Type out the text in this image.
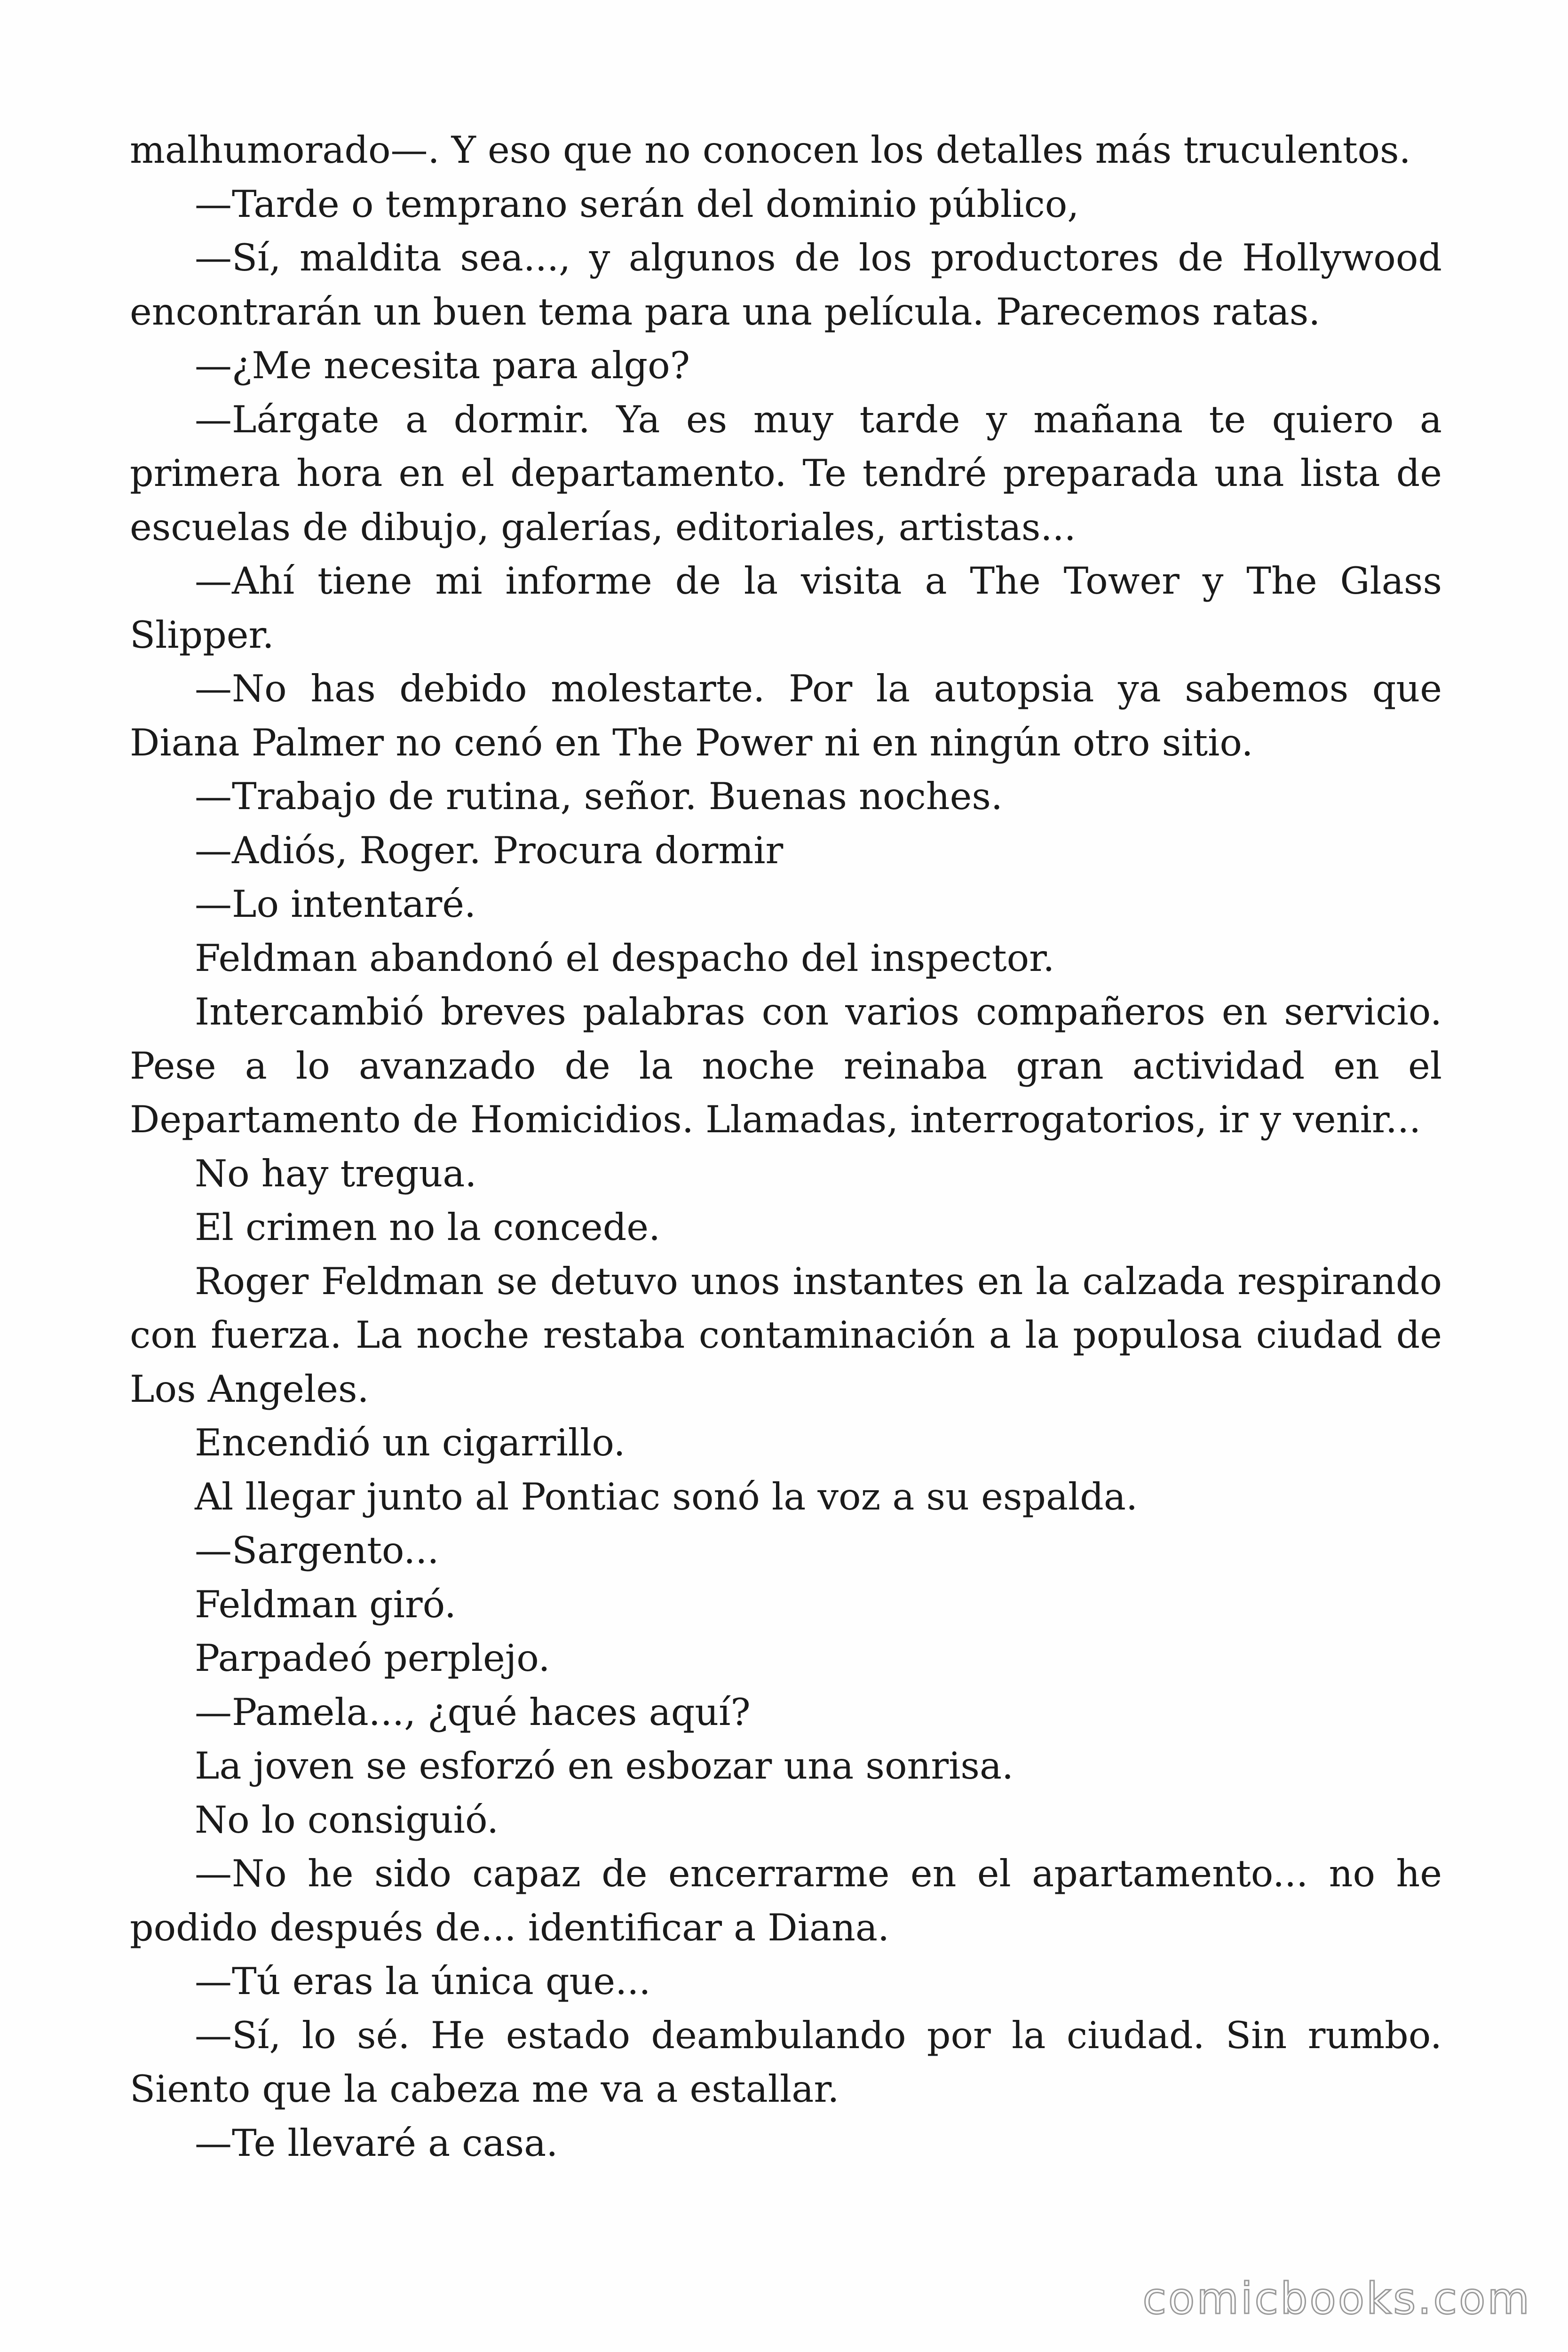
malhumorado—. Y eso que no conocen los detalles más truculentos.

—Tarde o temprano serán del dominio público,

—Sí, maldita sea..., y algunos de los productores de Hollywood encontrarán un buen tema para una película. Parecemos ratas.

—¿Me necesita para algo?

—Lárgate a dormir. Ya es muy tarde y mañana te quiero a primera hora en el departamento. Te tendré preparada una lista de escuelas de dibujo, galerías, editoriales, artistas...

—Ahí tiene mi informe de la visita a The Tower y The Glass Slipper.

—No has debido molestarte. Por la autopsia ya sabemos que Diana Palmer no cenó en The Power ni en ningún otro sitio.

—Trabajo de rutina, señor. Buenas noches.

—Adiós, Roger. Procura dormir

—Lo intentaré.

Feldman abandonó el despacho del inspector.

Intercambió breves palabras con varios compañeros en servicio. Pese a lo avanzado de la noche reinaba gran actividad en el Departamento de Homicidios. Llamadas, interrogatorios, ir y venir...

No hay tregua.

El crimen no la concede.

Roger Feldman se detuvo unos instantes en la calzada respirando con fuerza. La noche restaba contaminación a la populosa ciudad de Los Angeles.

Encendió un cigarrillo.

Al llegar junto al Pontiac sonó la voz a su espalda.

—Sargento...

Feldman giró.

Parpadeó perplejo.

—Pamela..., ¿qué haces aquí?

La joven se esforzó en esbozar una sonrisa.

No lo consiguió.

—No he sido capaz de encerrarme en el apartamento... no he podido después de... identificar a Diana.

—Tú eras la única que...

—Sí, lo sé. He estado deambulando por la ciudad. Sin rumbo. Siento que la cabeza me va a estallar.

—Te llevaré a casa.

comicbooks.com
